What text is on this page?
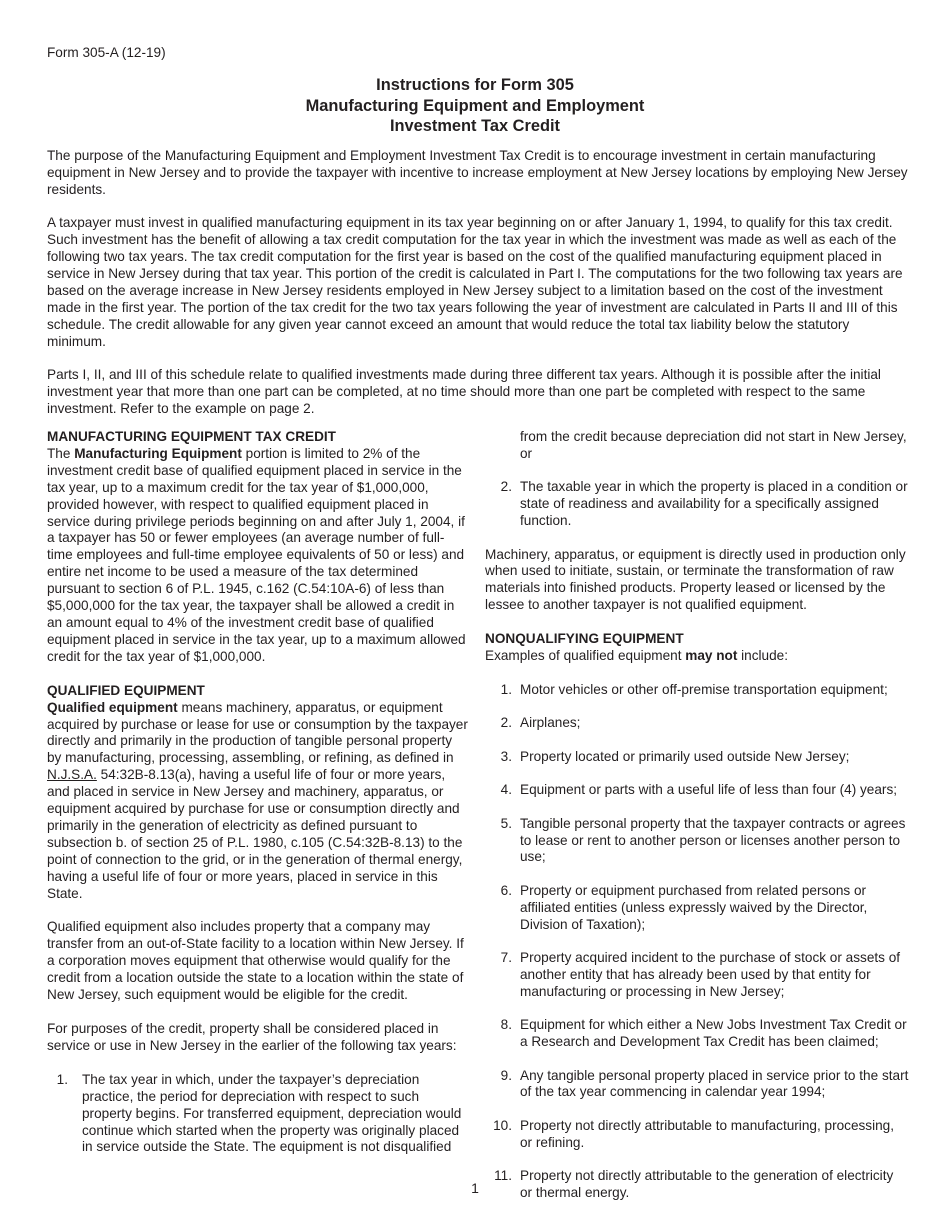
Form 305-A (12-19)
Instructions for Form 305
Manufacturing Equipment and Employment
Investment Tax Credit

The purpose of the Manufacturing Equipment and Employment Investment Tax Credit is to encourage investment in certain manufacturing equipment in New Jersey and to provide the taxpayer with incentive to increase employment at New Jersey locations by employing New Jersey residents.

A taxpayer must invest in qualified manufacturing equipment in its tax year beginning on or after January 1, 1994, to qualify for this tax credit. Such investment has the benefit of allowing a tax credit computation for the tax year in which the investment was made as well as each of the following two tax years. The tax credit computation for the first year is based on the cost of the qualified manufacturing equipment placed in service in New Jersey during that tax year. This portion of the credit is calculated in Part I. The computations for the two following tax years are based on the average increase in New Jersey residents employed in New Jersey subject to a limitation based on the cost of the investment made in the first year. The portion of the tax credit for the two tax years following the year of investment are calculated in Parts II and III of this schedule. The credit allowable for any given year cannot exceed an amount that would reduce the total tax liability below the statutory minimum.

Parts I, II, and III of this schedule relate to qualified investments made during three different tax years. Although it is possible after the initial investment year that more than one part can be completed, at no time should more than one part be completed with respect to the same investment. Refer to the example on page 2.

MANUFACTURING EQUIPMENT TAX CREDIT

The Manufacturing Equipment portion is limited to 2% of the investment credit base of qualified equipment placed in service in the tax year, up to a maximum credit for the tax year of $1,000,000, provided however, with respect to qualified equipment placed in service during privilege periods beginning on and after July 1, 2004, if a taxpayer has 50 or fewer employees (an average number of full-time employees and full-time employee equivalents of 50 or less) and entire net income to be used a measure of the tax determined pursuant to section 6 of P.L. 1945, c.162 (C.54:10A-6) of less than $5,000,000 for the tax year, the taxpayer shall be allowed a credit in an amount equal to 4% of the investment credit base of qualified equipment placed in service in the tax year, up to a maximum allowed credit for the tax year of $1,000,000.

QUALIFIED EQUIPMENT

Qualified equipment means machinery, apparatus, or equipment acquired by purchase or lease for use or consumption by the taxpayer directly and primarily in the production of tangible personal property by manufacturing, processing, assembling, or refining, as defined in N.J.S.A. 54:32B-8.13(a), having a useful life of four or more years, and placed in service in New Jersey and machinery, apparatus, or equipment acquired by purchase for use or consumption directly and primarily in the generation of electricity as defined pursuant to subsection b. of section 25 of P.L. 1980, c.105 (C.54:32B-8.13) to the point of connection to the grid, or in the generation of thermal energy, having a useful life of four or more years, placed in service in this State.

Qualified equipment also includes property that a company may transfer from an out-of-State facility to a location within New Jersey. If a corporation moves equipment that otherwise would qualify for the credit from a location outside the state to a location within the state of New Jersey, such equipment would be eligible for the credit.

For purposes of the credit, property shall be considered placed in service or use in New Jersey in the earlier of the following tax years:

1. The tax year in which, under the taxpayer’s depreciation practice, the period for depreciation with respect to such property begins. For transferred equipment, depreciation would continue which started when the property was originally placed in service outside the State. The equipment is not disqualified

from the credit because depreciation did not start in New Jersey, or

2. The taxable year in which the property is placed in a condition or state of readiness and availability for a specifically assigned function.

Machinery, apparatus, or equipment is directly used in production only when used to initiate, sustain, or terminate the transformation of raw materials into finished products. Property leased or licensed by the lessee to another taxpayer is not qualified equipment.

NONQUALIFYING EQUIPMENT

Examples of qualified equipment may not include:

1. Motor vehicles or other off-premise transportation equipment;
2. Airplanes;
3. Property located or primarily used outside New Jersey;
4. Equipment or parts with a useful life of less than four (4) years;
5. Tangible personal property that the taxpayer contracts or agrees to lease or rent to another person or licenses another person to use;
6. Property or equipment purchased from related persons or affiliated entities (unless expressly waived by the Director, Division of Taxation);
7. Property acquired incident to the purchase of stock or assets of another entity that has already been used by that entity for manufacturing or processing in New Jersey;
8. Equipment for which either a New Jobs Investment Tax Credit or a Research and Development Tax Credit has been claimed;
9. Any tangible personal property placed in service prior to the start of the tax year commencing in calendar year 1994;
10. Property not directly attributable to manufacturing, processing, or refining.
11. Property not directly attributable to the generation of electricity or thermal energy.
1
